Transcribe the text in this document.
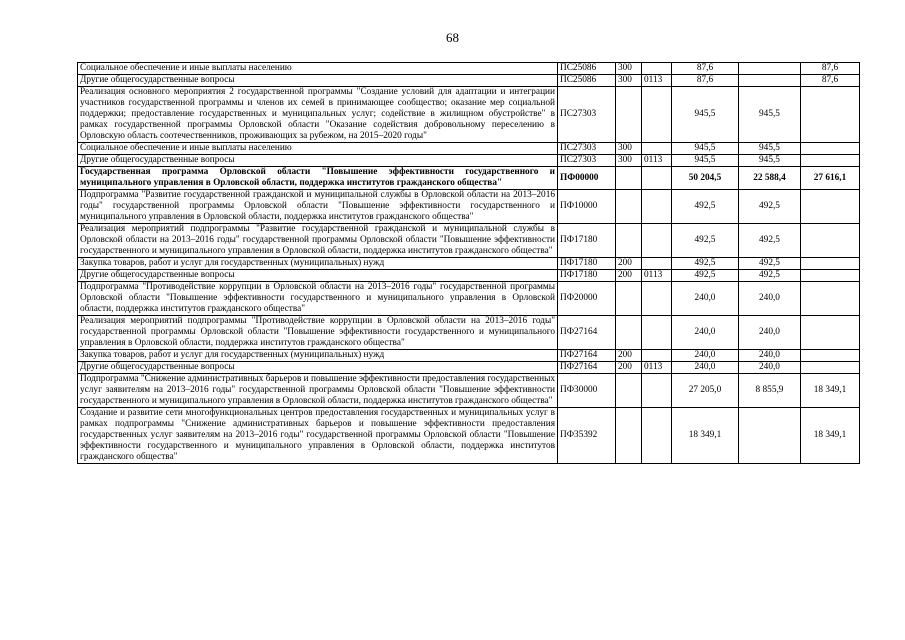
68
Социальное обеспечение и иные выплаты населению	ПС25086	300		87,6		87,6
Другие общегосударственные вопросы	ПС25086	300	0113	87,6		87,6
Реализация основного мероприятия 2 государственной программы "Создание условий для адаптации и интеграции участников государственной программы и членов их семей в принимающее сообщество; оказание мер социальной поддержки; предоставление государственных и муниципальных услуг; содействие в жилищном обустройстве" в рамках государственной программы Орловской области "Оказание содействия добровольному переселению в Орловскую область соотечественников, проживающих за рубежом, на 2015–2020 годы"	ПС27303			945,5	945,5	
Социальное обеспечение и иные выплаты населению	ПС27303	300		945,5	945,5	
Другие общегосударственные вопросы	ПС27303	300	0113	945,5	945,5	
Государственная программа Орловской области "Повышение эффективности государственного и муниципального управления в Орловской области, поддержка институтов гражданского общества"	ПФ00000			50 204,5	22 588,4	27 616,1
Подпрограмма "Развитие государственной гражданской и муниципальной службы в Орловской области на 2013–2016 годы" государственной программы Орловской области "Повышение эффективности государственного и муниципального управления в Орловской области, поддержка институтов гражданского общества"	ПФ10000			492,5	492,5	
Реализация мероприятий подпрограммы "Развитие государственной гражданской и муниципальной службы в Орловской области на 2013–2016 годы" государственной программы Орловской области "Повышение эффективности государственного и муниципального управления в Орловской области, поддержка институтов гражданского общества"	ПФ17180			492,5	492,5	
Закупка товаров, работ и услуг для государственных (муниципальных) нужд	ПФ17180	200		492,5	492,5	
Другие общегосударственные вопросы	ПФ17180	200	0113	492,5	492,5	
Подпрограмма "Противодействие коррупции в Орловской области на 2013–2016 годы" государственной программы Орловской области "Повышение эффективности государственного и муниципального управления в Орловской области, поддержка институтов гражданского общества"	ПФ20000			240,0	240,0	
Реализация мероприятий подпрограммы "Противодействие коррупции в Орловской области на 2013–2016 годы" государственной программы Орловской области "Повышение эффективности государственного и муниципального управления в Орловской области, поддержка институтов гражданского общества"	ПФ27164			240,0	240,0	
Закупка товаров, работ и услуг для государственных (муниципальных) нужд	ПФ27164	200		240,0	240,0	
Другие общегосударственные вопросы	ПФ27164	200	0113	240,0	240,0	
Подпрограмма "Снижение административных барьеров и повышение эффективности предоставления государственных услуг заявителям на 2013–2016 годы" государственной программы Орловской области "Повышение эффективности государственного и муниципального управления в Орловской области, поддержка институтов гражданского общества"	ПФ30000			27 205,0	8 855,9	18 349,1
Создание и развитие сети многофункциональных центров предоставления государственных и муниципальных услуг в рамках подпрограммы "Снижение административных барьеров и повышение эффективности предоставления государственных услуг заявителям на 2013–2016 годы" государственной программы Орловской области "Повышение эффективности государственного и муниципального управления в Орловской области, поддержка институтов гражданского общества"	ПФ35392			18 349,1		18 349,1
